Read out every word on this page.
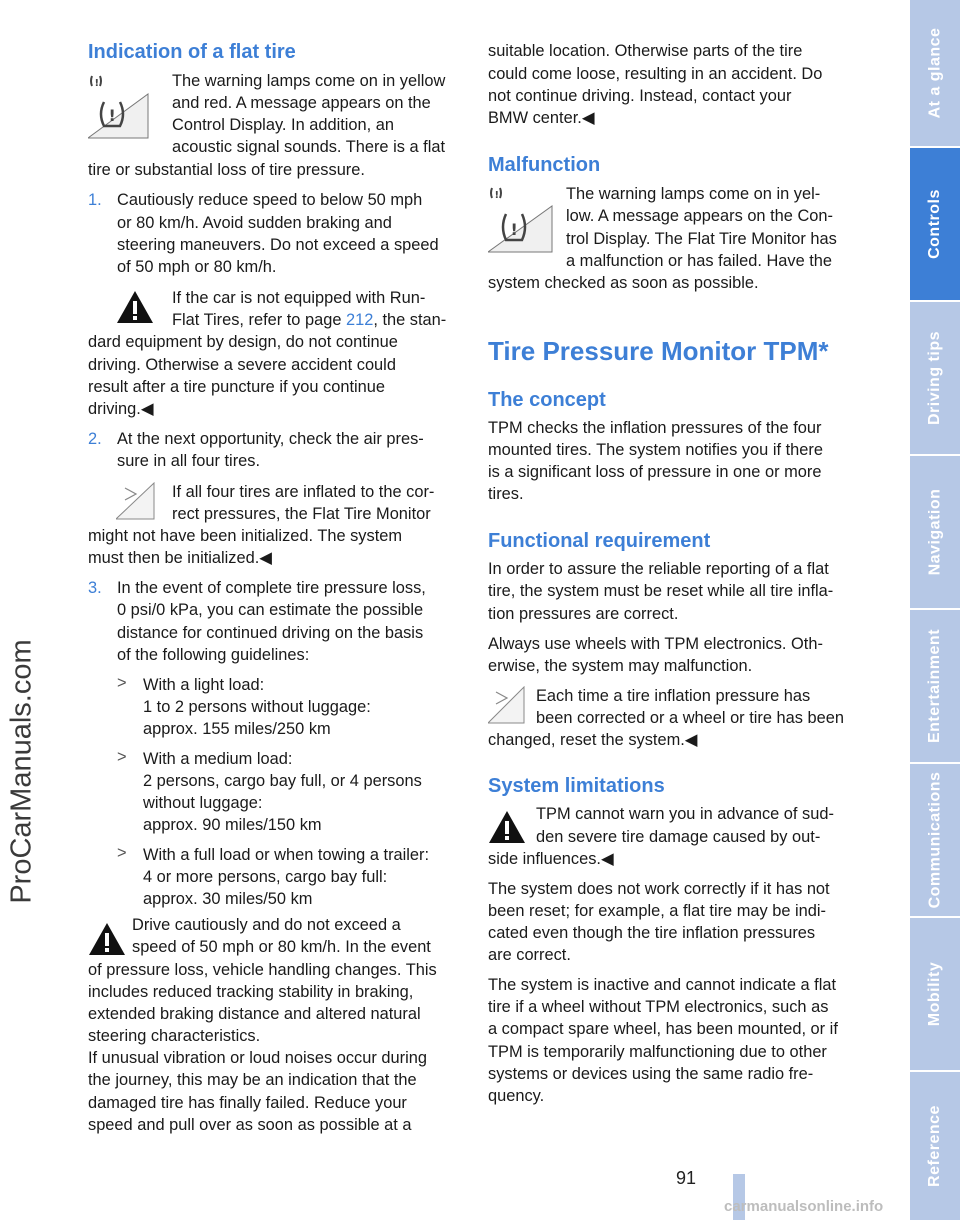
Indication of a flat tire
!
!

The warning lamps come on in yellow

and red. A message appears on the

Control Display. In addition, an

acoustic signal sounds. There is a flat

tire or substantial loss of tire pressure.

1. Cautiously reduce speed to below 50 mph

or 80 km/h. Avoid sudden braking and

steering maneuvers. Do not exceed a speed

of 50 mph or 80 km/h.

If the car is not equipped with Run-

Flat Tires, refer to page 212, the stan-

dard equipment by design, do not continue

driving. Otherwise a severe accident could

result after a tire puncture if you continue

driving.◀

2. At the next opportunity, check the air pres-

sure in all four tires.

If all four tires are inflated to the cor-

rect pressures, the Flat Tire Monitor

might not have been initialized. The system

must then be initialized.◀

3. In the event of complete tire pressure loss,

0 psi/0 kPa, you can estimate the possible

distance for continued driving on the basis

of the following guidelines:

> With a light load:

1 to 2 persons without luggage:

approx. 155 miles/250 km

> With a medium load:

2 persons, cargo bay full, or 4 persons

without luggage:

approx. 90 miles/150 km

> With a full load or when towing a trailer:

4 or more persons, cargo bay full:

approx. 30 miles/50 km

Drive cautiously and do not exceed a

speed of 50 mph or 80 km/h. In the event

of pressure loss, vehicle handling changes. This

includes reduced tracking stability in braking,

extended braking distance and altered natural

steering characteristics.

If unusual vibration or loud noises occur during

the journey, this may be an indication that the

damaged tire has finally failed. Reduce your

speed and pull over as soon as possible at a

suitable location. Otherwise parts of the tire

could come loose, resulting in an accident. Do

not continue driving. Instead, contact your

BMW center.◀

Malfunction
!
!

The warning lamps come on in yel-

low. A message appears on the Con-

trol Display. The Flat Tire Monitor has

a malfunction or has failed. Have the

system checked as soon as possible.

Tire Pressure Monitor TPM*
The concept

TPM checks the inflation pressures of the four

mounted tires. The system notifies you if there

is a significant loss of pressure in one or more

tires.

Functional requirement

In order to assure the reliable reporting of a flat

tire, the system must be reset while all tire infla-

tion pressures are correct.

Always use wheels with TPM electronics. Oth-

erwise, the system may malfunction.

Each time a tire inflation pressure has

been corrected or a wheel or tire has been

changed, reset the system.◀

System limitations

TPM cannot warn you in advance of sud-

den severe tire damage caused by out-

side influences.◀

The system does not work correctly if it has not

been reset; for example, a flat tire may be indi-

cated even though the tire inflation pressures

are correct.

The system is inactive and cannot indicate a flat

tire if a wheel without TPM electronics, such as

a compact spare wheel, has been mounted, or if

TPM is temporarily malfunctioning due to other

systems or devices using the same radio fre-

quency.

At a glance
Controls
Driving tips
Navigation
Entertainment
Communications
Mobility
Reference
ProCarManuals.com
91
carmanualsonline.info
